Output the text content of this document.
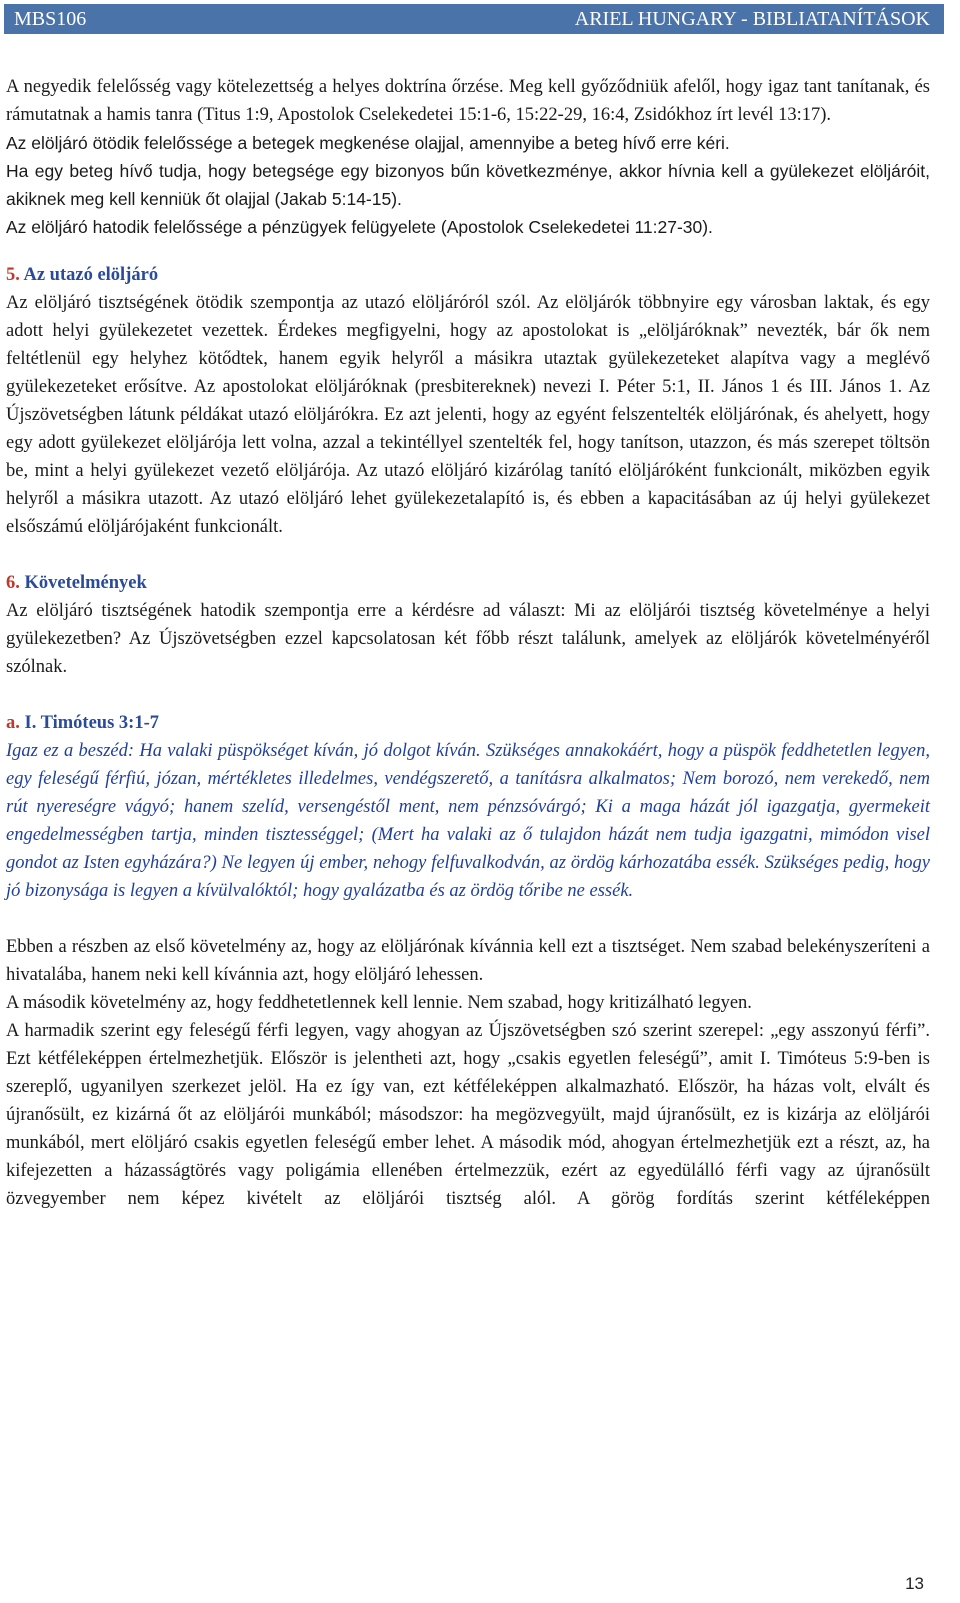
MBS106	ARIEL HUNGARY - BIBLIATANÍTÁSOK

A negyedik felelősség vagy kötelezettség a helyes doktrína őrzése. Meg kell győződniük afelől, hogy igaz tant tanítanak, és rámutatnak a hamis tanra (Titus 1:9, Apostolok Cselekedetei 15:1-6, 15:22-29, 16:4, Zsidókhoz írt levél 13:17).

Az elöljáró ötödik felelőssége a betegek megkenése olajjal, amennyibe a beteg hívő erre kéri.

Ha egy beteg hívő tudja, hogy betegsége egy bizonyos bűn következménye, akkor hívnia kell a gyülekezet elöljáróit, akiknek meg kell kenniük őt olajjal (Jakab 5:14-15).

Az elöljáró hatodik felelőssége a pénzügyek felügyelete (Apostolok Cselekedetei 11:27-30).

5. Az utazó elöljáró

Az elöljáró tisztségének ötödik szempontja az utazó elöljáróról szól. Az elöljárók többnyire egy városban laktak, és egy adott helyi gyülekezetet vezettek. Érdekes megfigyelni, hogy az apostolokat is „elöljáróknak” nevezték, bár ők nem feltétlenül egy helyhez kötődtek, hanem egyik helyről a másikra utaztak gyülekezeteket alapítva vagy a meglévő gyülekezeteket erősítve. Az apostolokat elöljáróknak (presbitereknek) nevezi I. Péter 5:1, II. János 1 és III. János 1. Az Újszövetségben látunk példákat utazó elöljárókra. Ez azt jelenti, hogy az egyént felszentelték elöljárónak, és ahelyett, hogy egy adott gyülekezet elöljárója lett volna, azzal a tekintéllyel szentelték fel, hogy tanítson, utazzon, és más szerepet töltsön be, mint a helyi gyülekezet vezető elöljárója. Az utazó elöljáró kizárólag tanító elöljáróként funkcionált, miközben egyik helyről a másikra utazott. Az utazó elöljáró lehet gyülekezetalapító is, és ebben a kapacitásában az új helyi gyülekezet elsőszámú elöljárójaként funkcionált.

6. Követelmények

Az elöljáró tisztségének hatodik szempontja erre a kérdésre ad választ: Mi az elöljárói tisztség követelménye a helyi gyülekezetben? Az Újszövetségben ezzel kapcsolatosan két főbb részt találunk, amelyek az elöljárók követelményéről szólnak.

a. I. Timóteus 3:1-7

Igaz ez a beszéd: Ha valaki püspökséget kíván, jó dolgot kíván. Szükséges annakokáért, hogy a püspök feddhetetlen legyen, egy feleségű férfiú, józan, mértékletes illedelmes, vendégszerető, a tanításra alkalmatos; Nem borozó, nem verekedő, nem rút nyereségre vágyó; hanem szelíd, versengéstől ment, nem pénzsóvárgó; Ki a maga házát jól igazgatja, gyermekeit engedelmességben tartja, minden tisztességgel; (Mert ha valaki az ő tulajdon házát nem tudja igazgatni, mimódon visel gondot az Isten egyházára?) Ne legyen új ember, nehogy felfuvalkodván, az ördög kárhozatába essék. Szükséges pedig, hogy jó bizonysága is legyen a kívülvalóktól; hogy gyalázatba és az ördög tőribe ne essék.

Ebben a részben az első követelmény az, hogy az elöljárónak kívánnia kell ezt a tisztséget. Nem szabad belekényszeríteni a hivatalába, hanem neki kell kívánnia azt, hogy elöljáró lehessen.

A második követelmény az, hogy feddhetetlennek kell lennie. Nem szabad, hogy kritizálható legyen.

A harmadik szerint egy feleségű férfi legyen, vagy ahogyan az Újszövetségben szó szerint szerepel: „egy asszonyú férfi”. Ezt kétféleképpen értelmezhetjük. Először is jelentheti azt, hogy „csakis egyetlen feleségű”, amit I. Timóteus 5:9-ben is szereplő, ugyanilyen szerkezet jelöl. Ha ez így van, ezt kétféleképpen alkalmazható. Először, ha házas volt, elvált és újranősült, ez kizárná őt az elöljárói munkából; másodszor: ha megözvegyült, majd újranősült, ez is kizárja az elöljárói munkából, mert elöljáró csakis egyetlen feleségű ember lehet. A második mód, ahogyan értelmezhetjük ezt a részt, az, ha kifejezetten a házasságtörés vagy poligámia ellenében értelmezzük, ezért az egyedülálló férfi vagy az újranősült özvegyember nem képez kivételt az elöljárói tisztség alól. A görög fordítás szerint kétféleképpen

13
